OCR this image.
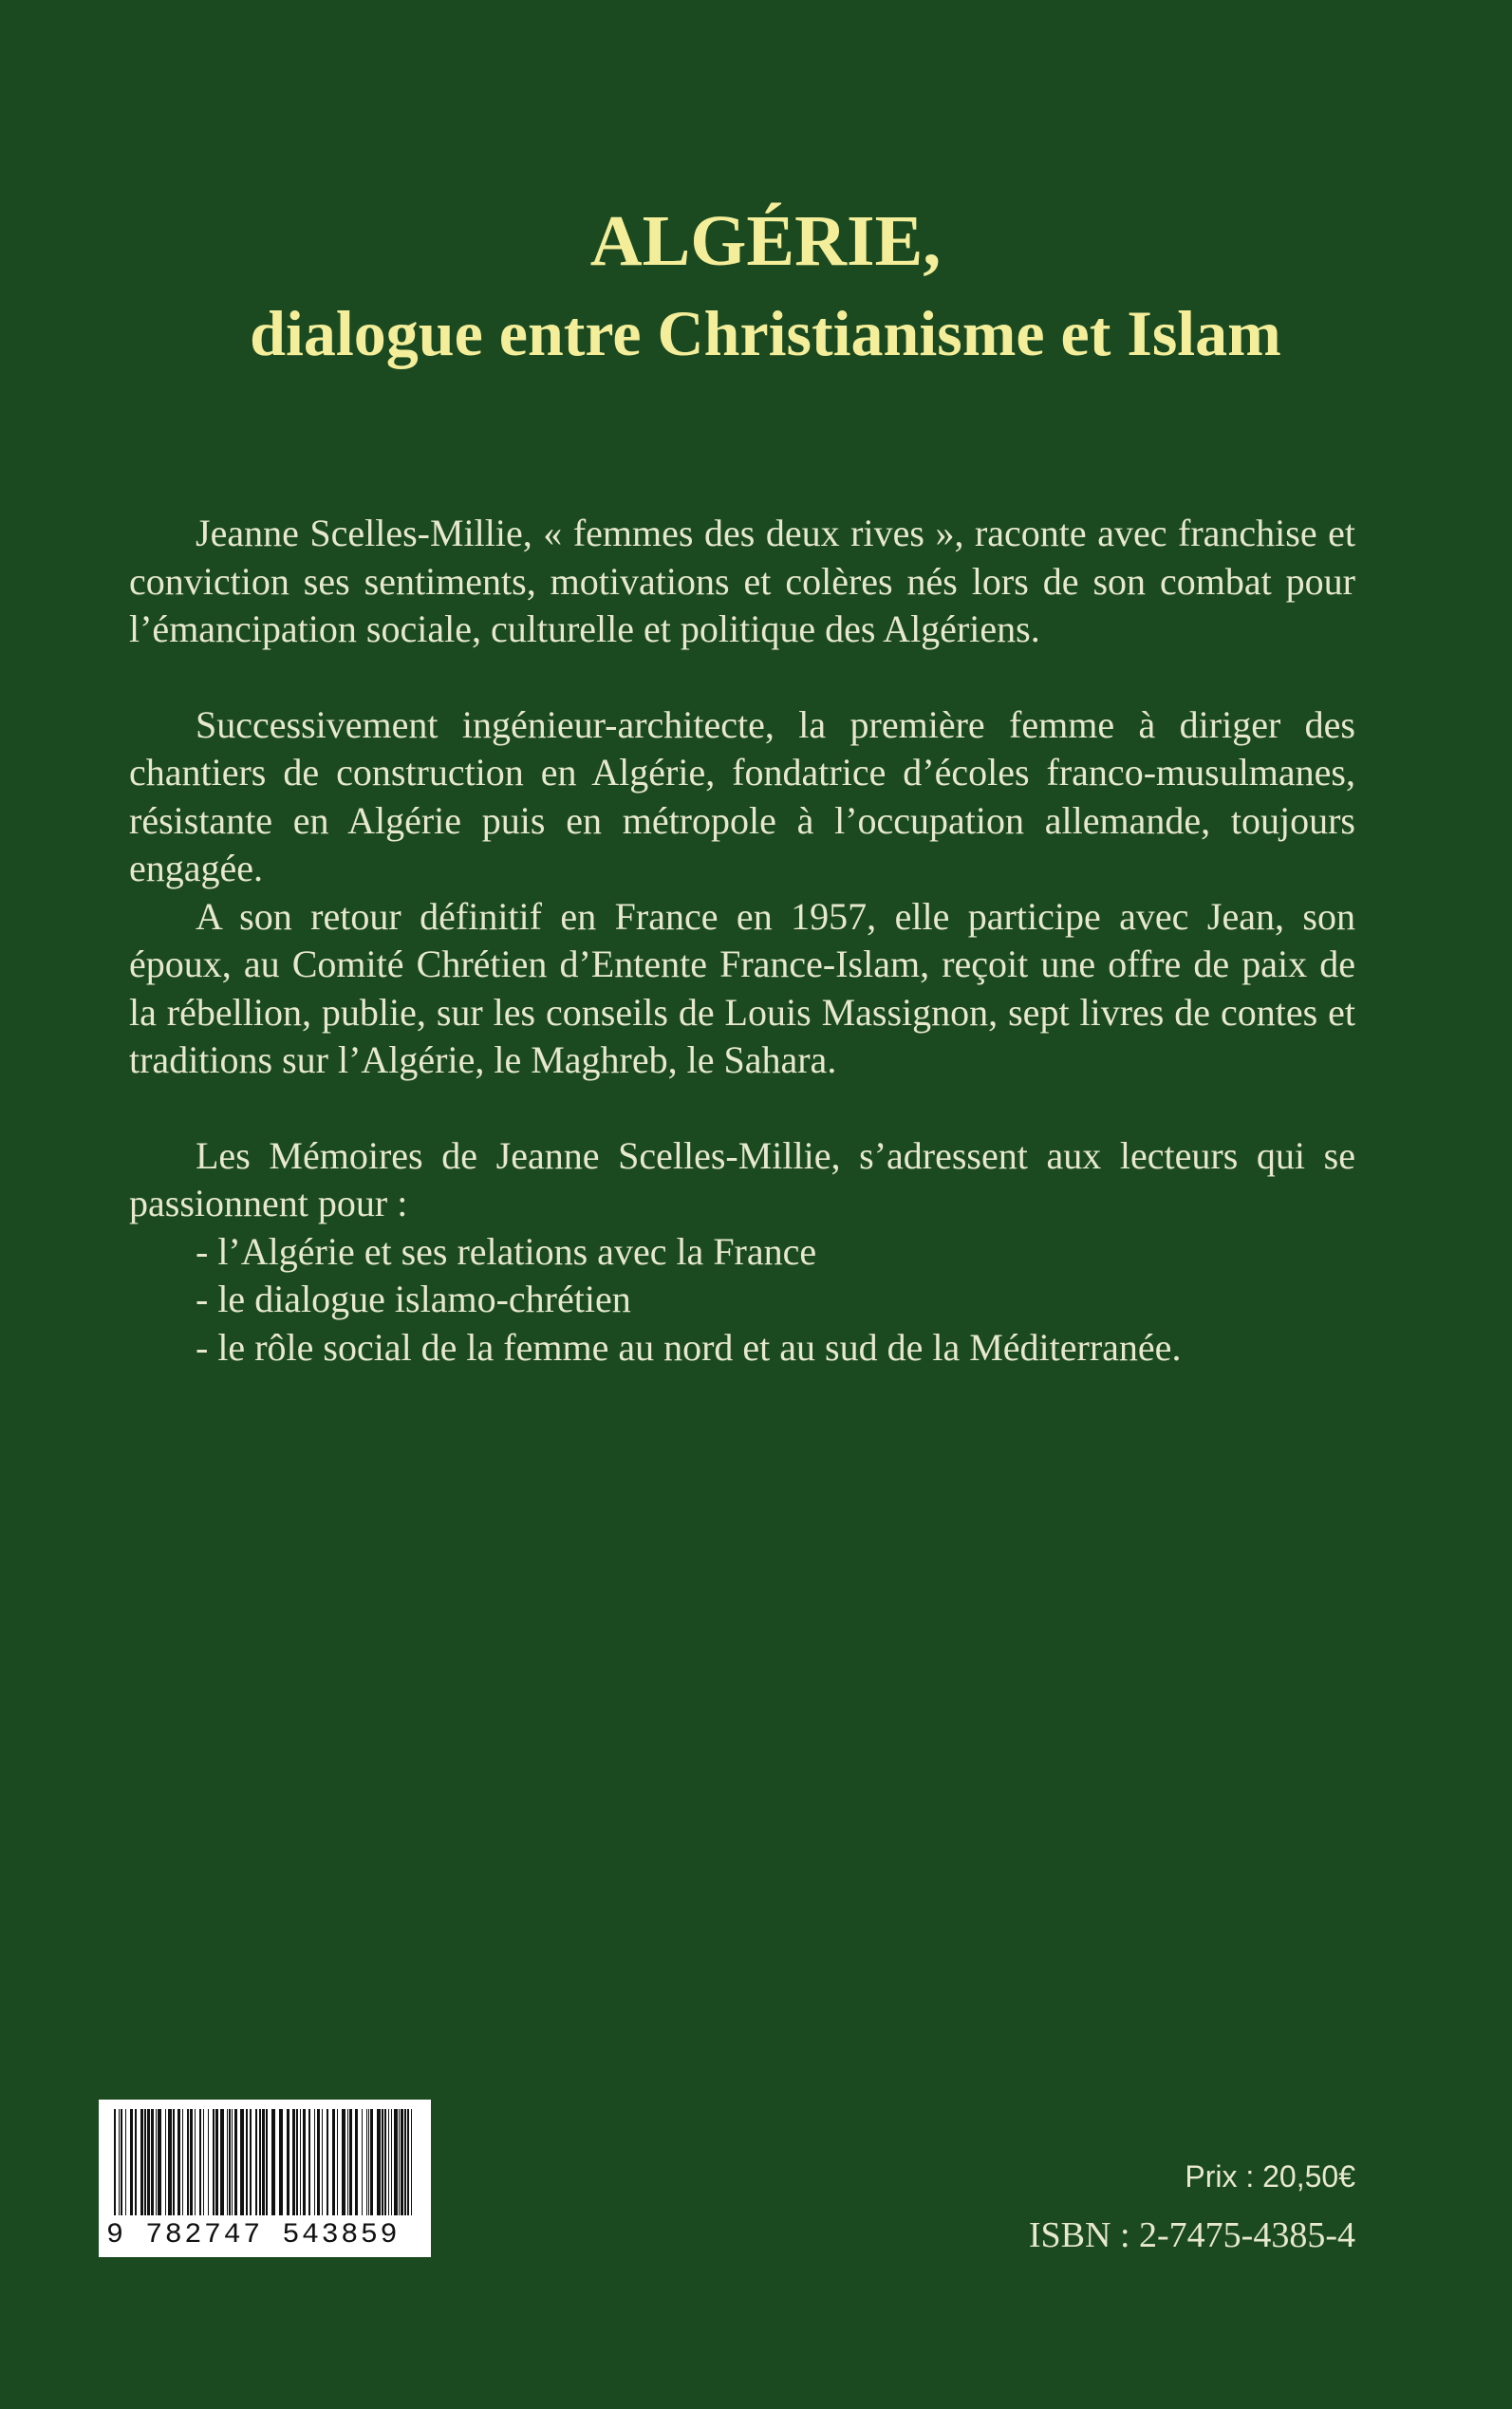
ALGÉRIE,
dialogue entre Christianisme et Islam

Jeanne Scelles-Millie, « femmes des deux rives », raconte avec franchise et conviction ses sentiments, motivations et colères nés lors de son combat pour l’émancipation sociale, culturelle et politique des Algériens.

Successivement ingénieur-architecte, la première femme à diriger des chantiers de construction en Algérie, fondatrice d’écoles franco-musulmanes, résistante en Algérie puis en métropole à l’occupation allemande, toujours engagée.

A son retour définitif en France en 1957, elle participe avec Jean, son époux, au Comité Chrétien d’Entente France-Islam, reçoit une offre de paix de la rébellion, publie, sur les conseils de Louis Massignon, sept livres de contes et traditions sur l’Algérie, le Maghreb, le Sahara.

Les Mémoires de Jeanne Scelles-Millie, s’adressent aux lecteurs qui se passionnent pour :

- l’Algérie et ses relations avec la France
- le dialogue islamo-chrétien
- le rôle social de la femme au nord et au sud de la Méditerranée.
9 782747 543859
Prix : 20,50€
ISBN : 2-7475-4385-4
